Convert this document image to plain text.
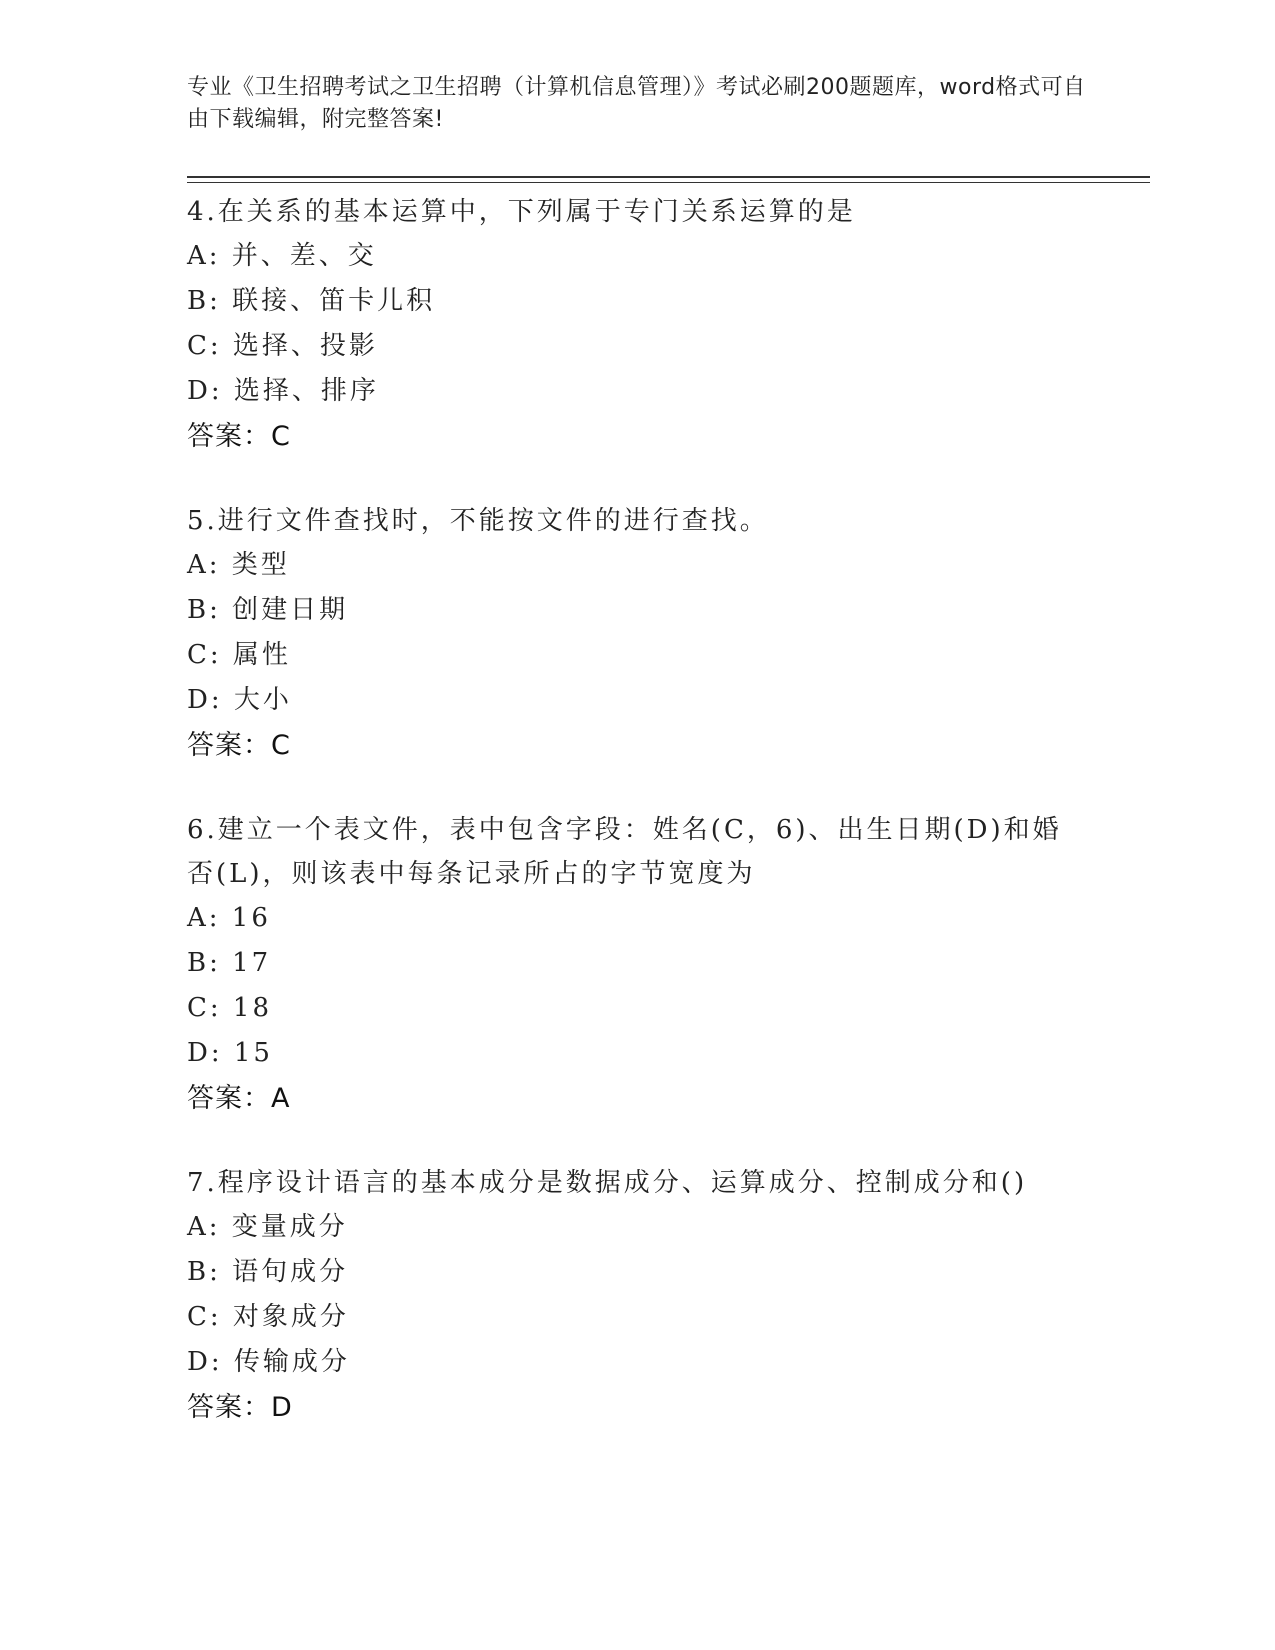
专业《卫生招聘考试之卫生招聘（计算机信息管理）》考试必刷200题题库，word格式可自由下载编辑，附完整答案!

4.在关系的基本运算中，下列属于专门关系运算的是

A: 并、差、交

B: 联接、笛卡儿积

C: 选择、投影

D: 选择、排序

答案：C

5.进行文件查找时，不能按文件的进行查找。

A: 类型

B: 创建日期

C: 属性

D: 大小

答案：C

6.建立一个表文件，表中包含字段：姓名(C，6)、出生日期(D)和婚否(L)，则该表中每条记录所占的字节宽度为

A: 16

B: 17

C: 18

D: 15

答案：A

7.程序设计语言的基本成分是数据成分、运算成分、控制成分和()

A: 变量成分

B: 语句成分

C: 对象成分

D: 传输成分

答案：D
